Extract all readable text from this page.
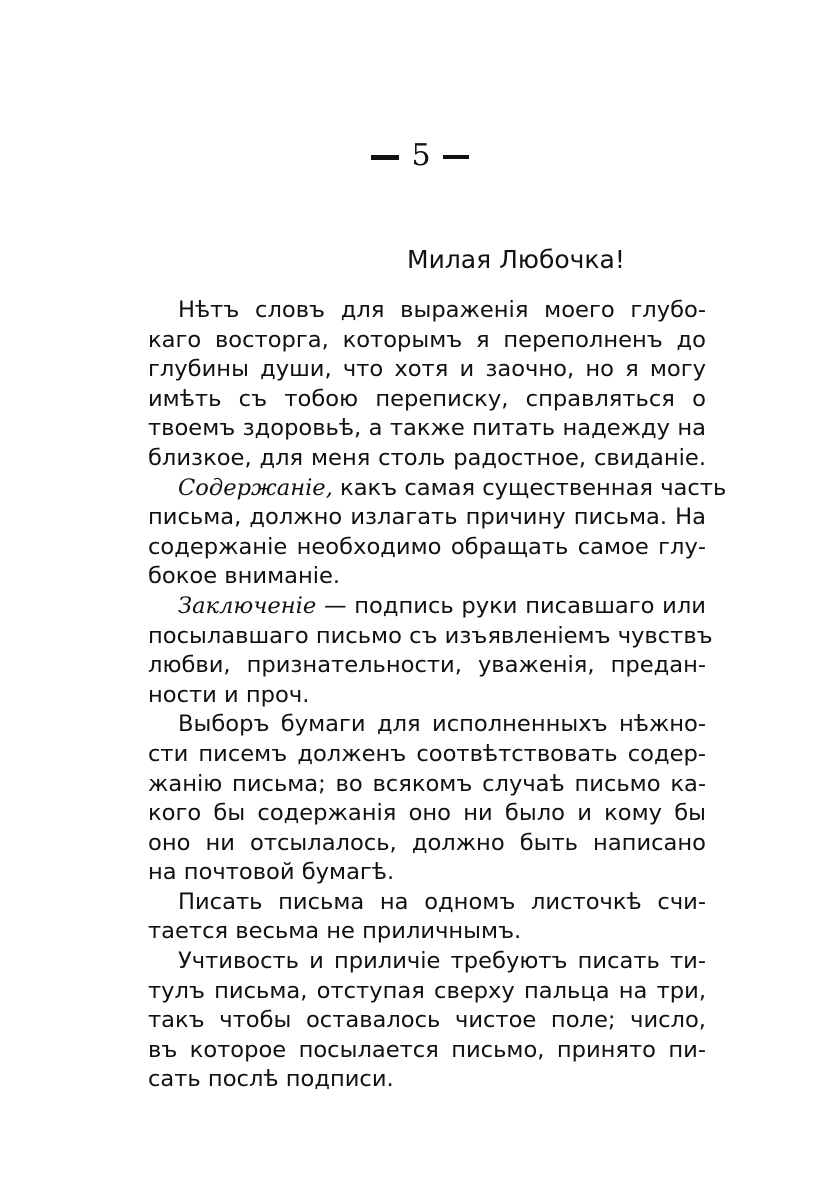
5
Милая Любочка!
Нѣтъ словъ для выраженія моего глубо-
каго восторга, которымъ я переполненъ до
глубины души, что хотя и заочно, но я могу
имѣть съ тобою переписку, справляться о
твоемъ здоровьѣ, а также питать надежду на
близкое, для меня столь радостное, свиданіе.
Содержаніе, какъ самая существенная часть
письма, должно излагать причину письма. На
содержаніе необходимо обращать самое глу-
бокое вниманіе.
Заключеніе — подпись руки писавшаго или
посылавшаго письмо съ изъявленіемъ чувствъ
любви, признательности, уваженія, предан-
ности и проч.
Выборъ бумаги для исполненныхъ нѣжно-
сти писемъ долженъ соотвѣтствовать содер-
жанію письма; во всякомъ случаѣ письмо ка-
кого бы содержанія оно ни было и кому бы
оно ни отсылалось, должно быть написано
на почтовой бумагѣ.
Писать письма на одномъ листочкѣ счи-
тается весьма не приличнымъ.
Учтивость и приличіе требуютъ писать ти-
тулъ письма, отступая сверху пальца на три,
такъ чтобы оставалось чистое поле; число,
въ которое посылается письмо, принято пи-
сать послѣ подписи.
